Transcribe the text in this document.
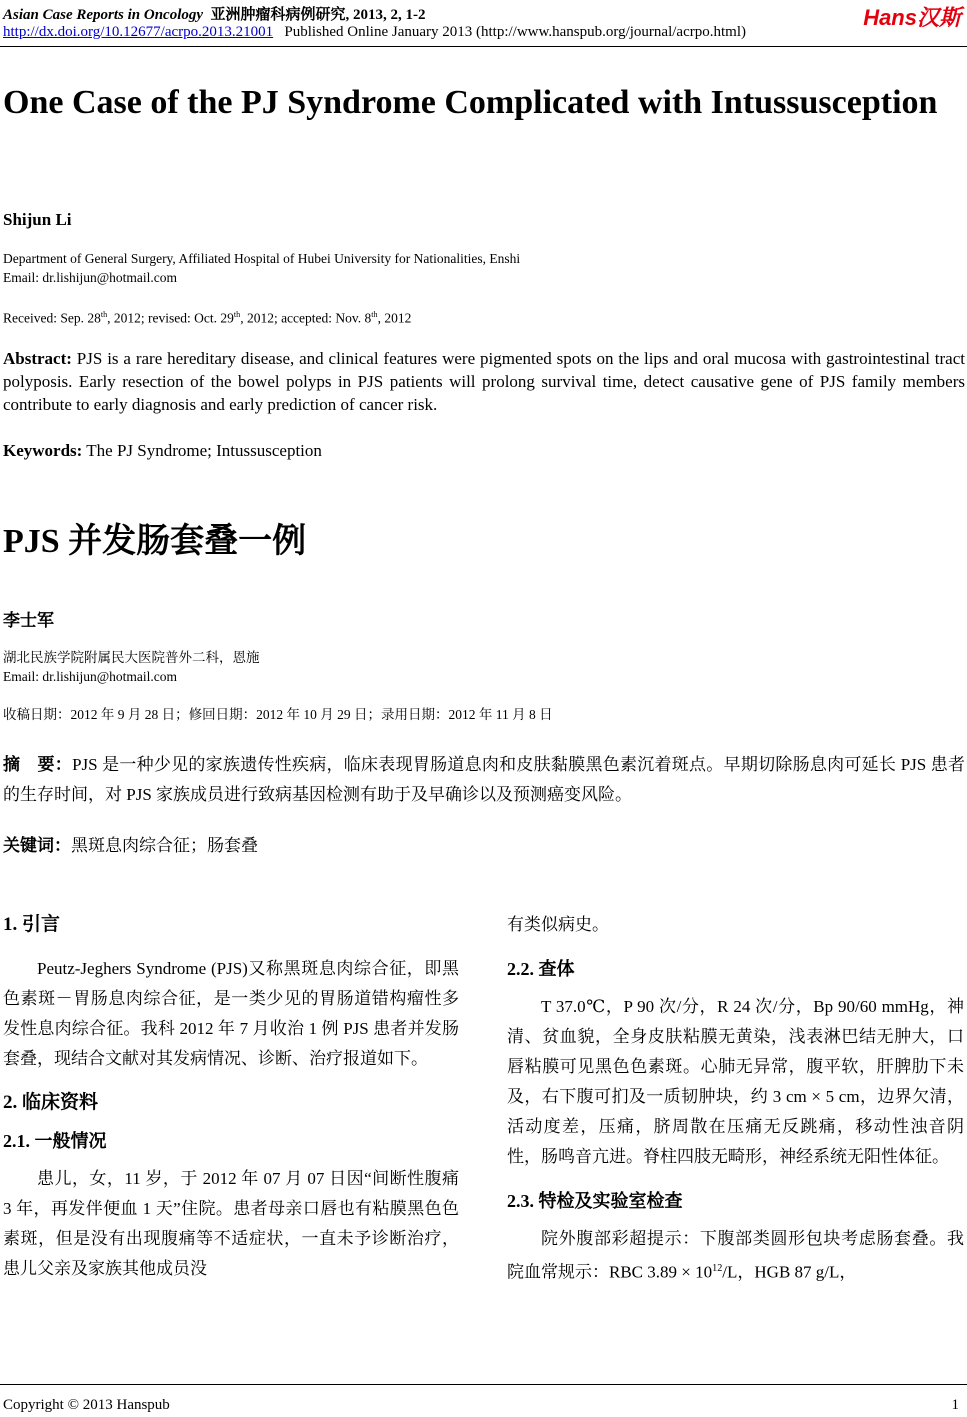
Asian Case Reports in Oncology 亚洲肿瘤科病例研究, 2013, 2, 1-2
http://dx.doi.org/10.12677/acrpo.2013.21001 Published Online January 2013 (http://www.hanspub.org/journal/acrpo.html)
Hans汉斯
One Case of the PJ Syndrome Complicated with Intussusception
Shijun Li
Department of General Surgery, Affiliated Hospital of Hubei University for Nationalities, Enshi
Email: dr.lishijun@hotmail.com
Received: Sep. 28th, 2012; revised: Oct. 29th, 2012; accepted: Nov. 8th, 2012
Abstract: PJS is a rare hereditary disease, and clinical features were pigmented spots on the lips and oral mucosa with gastrointestinal tract polyposis. Early resection of the bowel polyps in PJS patients will prolong survival time, detect causative gene of PJS family members contribute to early diagnosis and early prediction of cancer risk.
Keywords: The PJ Syndrome; Intussusception
PJS 并发肠套叠一例
李士军
湖北民族学院附属民大医院普外二科，恩施
Email: dr.lishijun@hotmail.com
收稿日期：2012 年 9 月 28 日；修回日期：2012 年 10 月 29 日；录用日期：2012 年 11 月 8 日
摘　要：PJS 是一种少见的家族遗传性疾病，临床表现胃肠道息肉和皮肤黏膜黑色素沉着斑点。早期切除肠息肉可延长 PJS 患者的生存时间，对 PJS 家族成员进行致病基因检测有助于及早确诊以及预测癌变风险。
关键词：黑斑息肉综合征；肠套叠
1. 引言

Peutz-Jeghers Syndrome (PJS)又称黑斑息肉综合征，即黑色素斑－胃肠息肉综合征，是一类少见的胃肠道错构瘤性多发性息肉综合征。我科 2012 年 7 月收治 1 例 PJS 患者并发肠套叠，现结合文献对其发病情况、诊断、治疗报道如下。

2. 临床资料
2.1. 一般情况

患儿，女，11 岁，于 2012 年 07 月 07 日因“间断性腹痛 3 年，再发伴便血 1 天”住院。患者母亲口唇也有粘膜黑色色素斑，但是没有出现腹痛等不适症状，一直未予诊断治疗，患儿父亲及家族其他成员没

有类似病史。
2.2. 查体

T 37.0℃，P 90 次/分，R 24 次/分，Bp 90/60 mmHg，神清、贫血貌，全身皮肤粘膜无黄染，浅表淋巴结无肿大，口唇粘膜可见黑色色素斑。心肺无异常，腹平软，肝脾肋下未及，右下腹可扪及一质韧肿块，约 3 cm × 5 cm，边界欠清，活动度差，压痛，脐周散在压痛无反跳痛，移动性浊音阴性，肠鸣音亢进。脊柱四肢无畸形，神经系统无阳性体征。

2.3. 特检及实验室检查

院外腹部彩超提示：下腹部类圆形包块考虑肠套叠。我院血常规示：RBC $3.89 \times 10^{12}/L$，HGB 87 g/L，

Copyright © 2013 Hanspub	1
